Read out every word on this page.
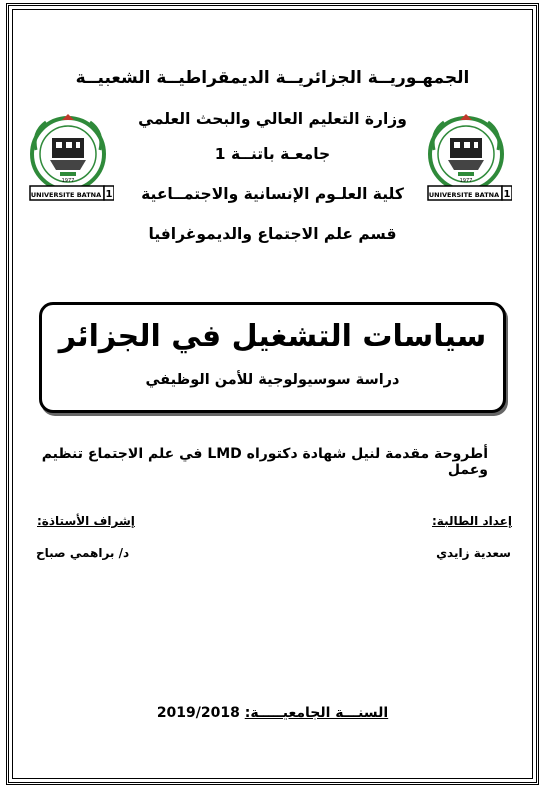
الجمهـوريــة الجزائريــة الديمقراطيــة الشعبيــة
وزارة التعليم العالي والبحث العلمي
جامعـة باتنــة 1
كلية العلـوم الإنسانية والاجتمــاعية
قسم علم الاجتماع والديموغرافيا
UNIVERSITE BATNA 1
1977
UNIVERSITE BATNA 1
1977
سياسات التشغيل في الجزائر
دراسة سوسيولوجية للأمن الوظيفي
أطروحة مقدمة لنيل شهادة دكتوراه LMD في علم الاجتماع تنظيم وعمل
إعداد الطالبة:
سعدية زايدي
إشراف الأستاذة:
د/ براهمي صباح
السنـــة الجامعيـــــة: 2019/2018
